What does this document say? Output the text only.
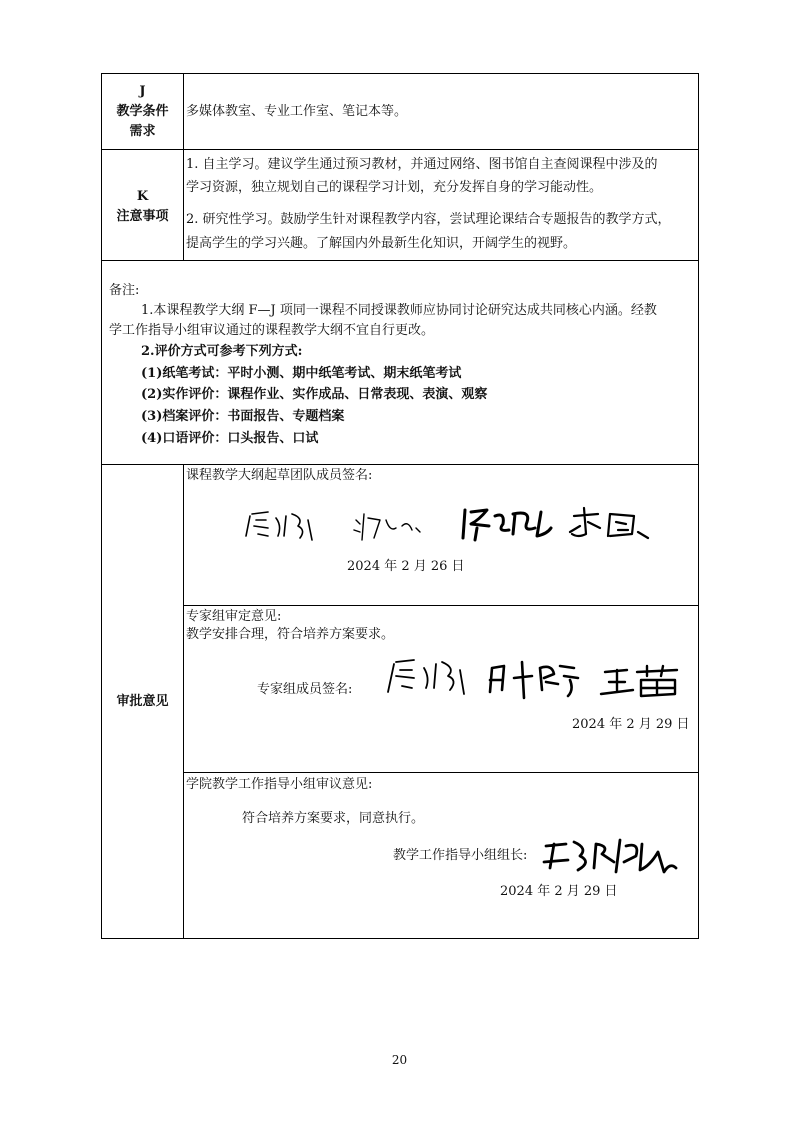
J
教学条件
需求
多媒体教室、专业工作室、笔记本等。
K
注意事项
1. 自主学习。建议学生通过预习教材，并通过网络、图书馆自主查阅课程中涉及的
学习资源，独立规划自己的课程学习计划，充分发挥自身的学习能动性。
2. 研究性学习。鼓励学生针对课程教学内容，尝试理论课结合专题报告的教学方式，
提高学生的学习兴趣。了解国内外最新生化知识，开阔学生的视野。
备注:
1.本课程教学大纲 F—J 项同一课程不同授课教师应协同讨论研究达成共同核心内涵。经教
学工作指导小组审议通过的课程教学大纲不宜自行更改。
2.评价方式可参考下列方式:
(1)纸笔考试：平时小测、期中纸笔考试、期末纸笔考试
(2)实作评价：课程作业、实作成品、日常表现、表演、观察
(3)档案评价：书面报告、专题档案
(4)口语评价：口头报告、口试
审批意见
课程教学大纲起草团队成员签名:
2024 年 2 月 26 日
专家组审定意见:
教学安排合理，符合培养方案要求。
专家组成员签名:
2024 年 2 月 29 日
学院教学工作指导小组审议意见:
符合培养方案要求，同意执行。
教学工作指导小组组长:
2024 年 2 月 29 日
20
